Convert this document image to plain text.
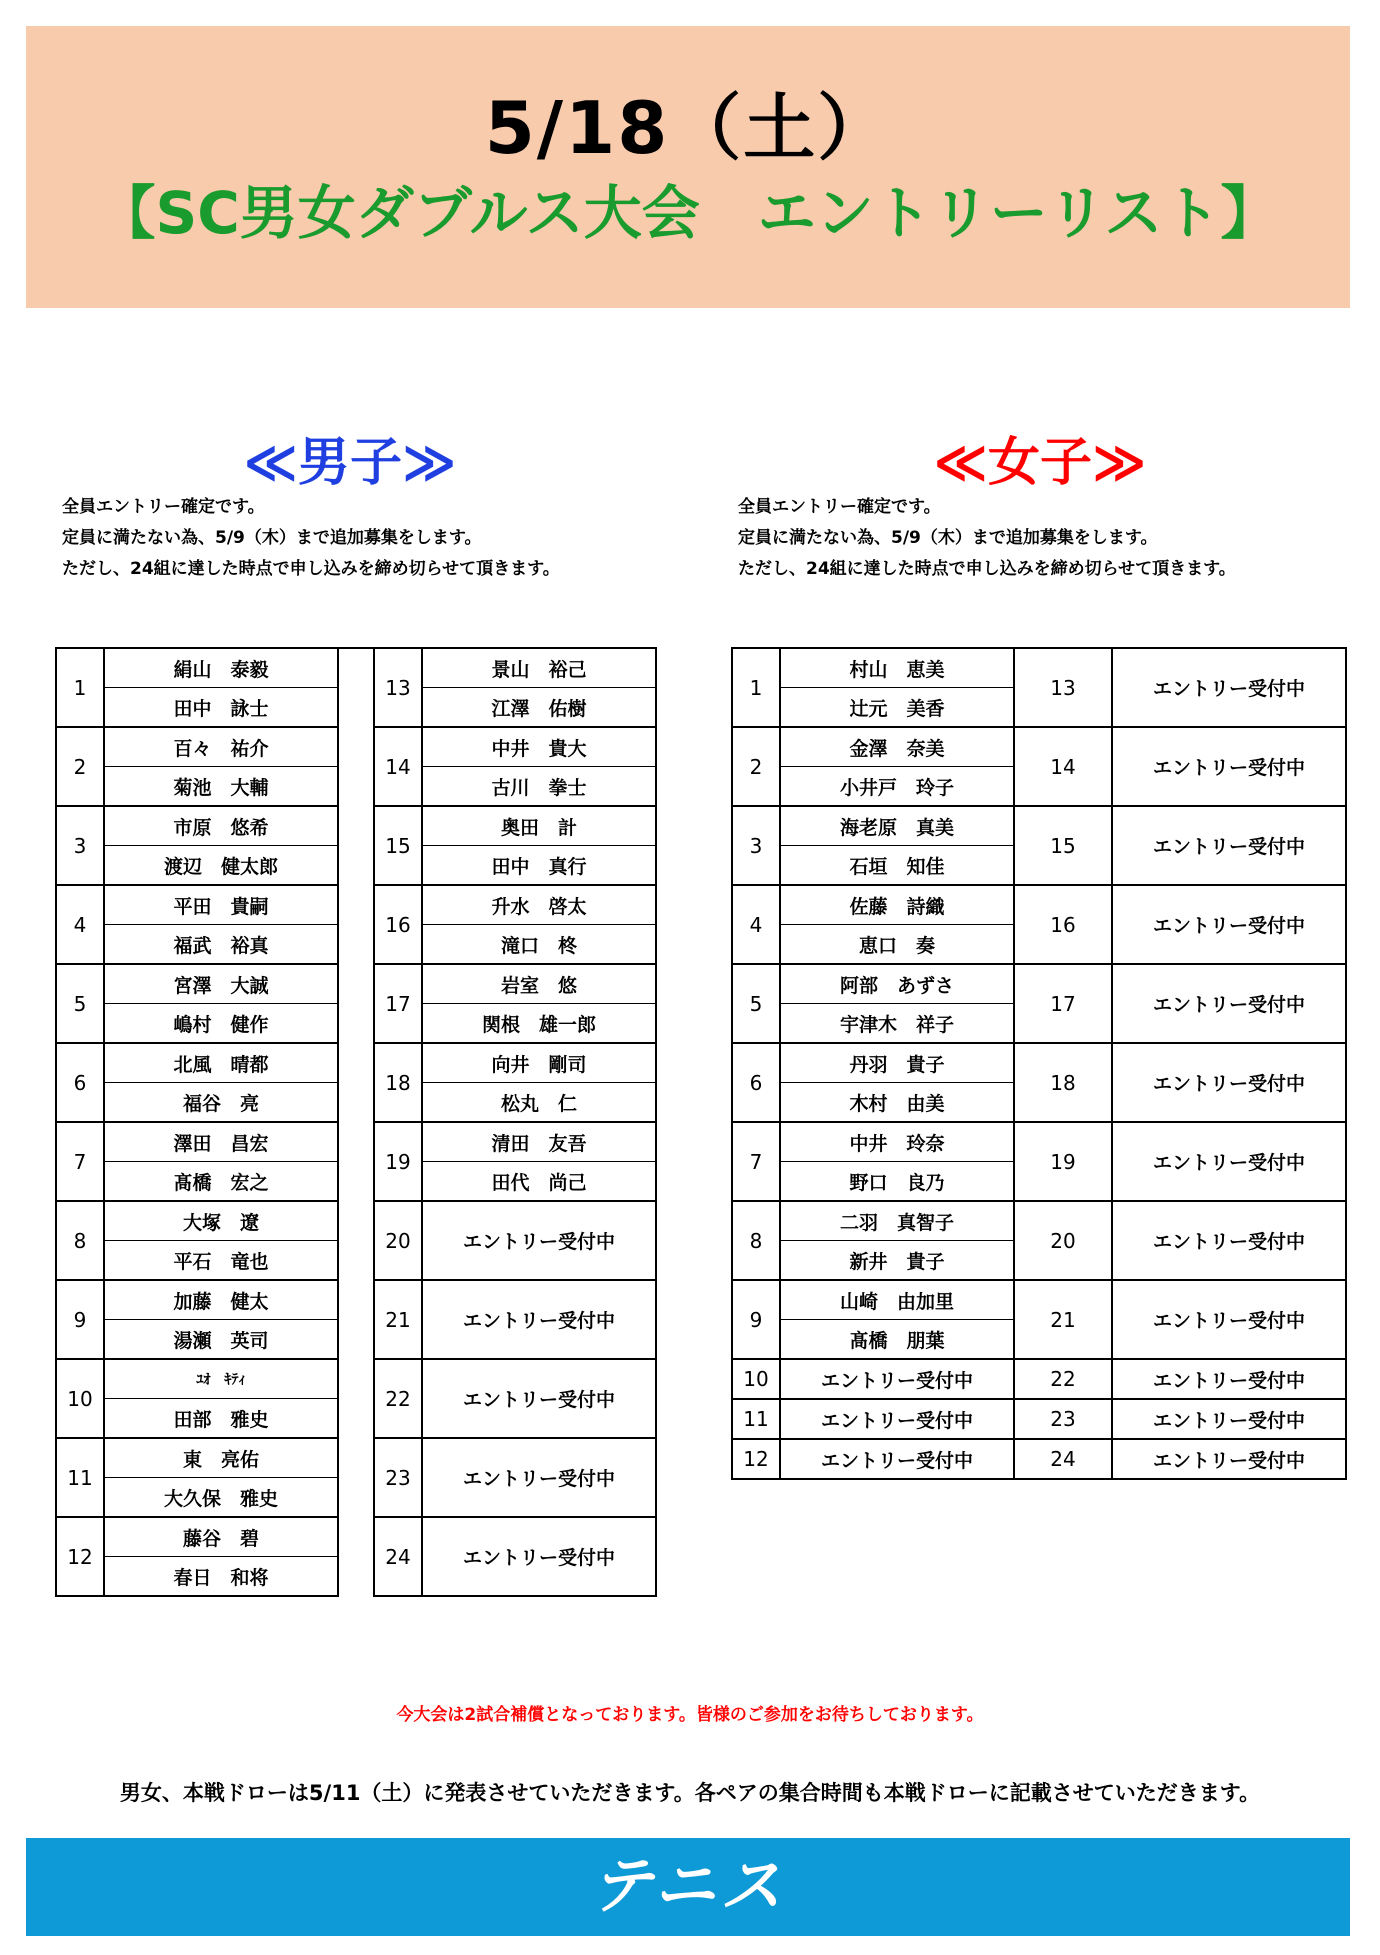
5/18（土）
【SC男女ダブルス大会　エントリーリスト】
≪男子≫	≪女子≫

全員エントリー確定です。

定員に満たない為、5/9（木）まで追加募集をします。

ただし、24組に達した時点で申し込みを締め切らせて頂きます。

全員エントリー確定です。

定員に満たない為、5/9（木）まで追加募集をします。

ただし、24組に達した時点で申し込みを締め切らせて頂きます。

1	絹山　泰毅		13	景山　裕己
	田中　詠士			江澤　佑樹
2	百々　祐介		14	中井　貴大
	菊池　大輔			古川　拳士
3	市原　悠希		15	奥田　計
	渡辺　健太郎			田中　真行
4	平田　貴嗣		16	升水　啓太
	福武　裕真			滝口　柊
5	宮澤　大誠		17	岩室　悠
	嶋村　健作			関根　雄一郎
6	北風　晴都		18	向井　剛司
	福谷　亮			松丸　仁
7	澤田　昌宏		19	清田　友吾
	髙橋　宏之			田代　尚己
8	大塚　遼		20	エントリー受付中
	平石　竜也			
9	加藤　健太		21	エントリー受付中
	湯瀬　英司			
10	ﾕｵ　ｷﾃｨ		22	エントリー受付中
	田部　雅史			
11	東　亮佑		23	エントリー受付中
	大久保　雅史			
12	藤谷　碧		24	エントリー受付中
	春日　和将			
1	村山　恵美	13	エントリー受付中
	辻元　美香		
2	金澤　奈美	14	エントリー受付中
	小井戸　玲子		
3	海老原　真美	15	エントリー受付中
	石垣　知佳		
4	佐藤　詩織	16	エントリー受付中
	恵口　奏		
5	阿部　あずさ	17	エントリー受付中
	宇津木　祥子		
6	丹羽　貴子	18	エントリー受付中
	木村　由美		
7	中井　玲奈	19	エントリー受付中
	野口　良乃		
8	二羽　真智子	20	エントリー受付中
	新井　貴子		
9	山崎　由加里	21	エントリー受付中
	髙橋　朋葉		
10	エントリー受付中	22	エントリー受付中

11	エントリー受付中	23	エントリー受付中

12	エントリー受付中	24	エントリー受付中

今大会は2試合補償となっております。皆様のご参加をお待ちしております。
男女、本戦ドローは5/11（土）に発表させていただきます。各ペアの集合時間も本戦ドローに記載させていただきます。
テニス
